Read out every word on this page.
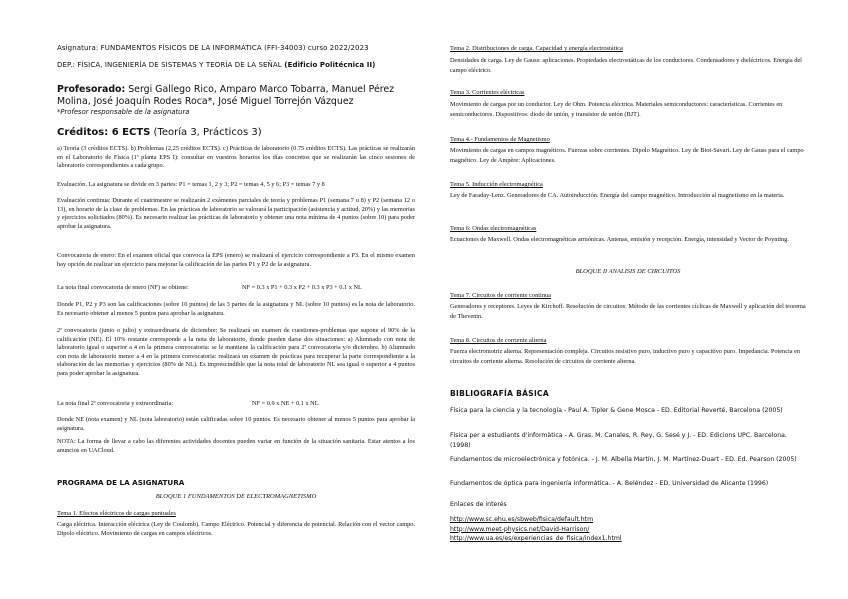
Asignatura: FUNDAMENTOS FÍSICOS DE LA INFORMÁTICA (FFI-34003) curso 2022/2023
DEP.: FÍSICA, INGENIERÍA DE SISTEMAS Y TEORÍA DE LA SEÑAL (Edificio Politécnica II)
Profesorado: Sergi Gallego Rico, Amparo Marco Tobarra, Manuel Pérez Molina, José Joaquín Rodes Roca*, José Miguel Torrejón Vázquez
*Profesor responsable de la asignatura
Créditos: 6 ECTS (Teoría 3, Prácticos 3)

a) Teoría (3 créditos ECTS). b) Problemas (2,25 créditos ECTS). c) Prácticas de laboratorio (0.75 créditos ECTS). Las prácticas se realizarán en el Laboratorio de Física (1ª planta EPS I): consultar en vuestros horarios los días concretos que se realizarán las cinco sesiones de laboratorio correspondientes a cada grupo.

Evaluación. La asignatura se divide en 3 partes: P1 = temas 1, 2 y 3; P2 = temas 4, 5 y 6; P3 = temas 7 y 8

Evaluación continua: Durante el cuatrimestre se realizarán 2 exámenes parciales de teoría y problemas P1 (semana 7 u 8) y P2 (semana 12 o 13), en horario de la clase de problemas. En las prácticas de laboratorio se valorará la participación (asistencia y actitud, 20%) y las memorias y ejercicios solicitados (80%). Es necesario realizar las prácticas de laboratorio y obtener una nota mínima de 4 puntos (sobre 10) para poder aprobar la asignatura.

Convocatoria de enero: En el examen oficial que convoca la EPS (enero) se realizará el ejercicio correspondiente a P3. En el mismo examen hay opción de realizar un ejercicio para mejorar la calificación de las partes P1 y P2 de la asignatura.

La nota final convocatoria de enero (NF) se obtiene:	NF = 0.3 x P1 + 0.3 x P2 + 0.3 x P3 + 0.1 x NL

Donde P1, P2 y P3 son las calificaciones (sobre 10 puntos) de las 3 partes de la asignatura y NL (sobre 10 puntos) es la nota de laboratorio. Es necesario obtener al menos 5 puntos para aprobar la asignatura.

2ª convocatoria (junio o julio) y extraordinaria de diciembre: Se realizará un examen de cuestiones-problemas que supone el 90% de la calificación (NE). El 10% restante corresponde a la nota de laboratorio, donde pueden darse dos situaciones: a) Alumnado con nota de laboratorio igual o superior a 4 en la primera convocatoria: se le mantiene la calificación para 2ª convocatoria y/o diciembre. b) Alumnado con nota de laboratorio menor a 4 en la primera convocatoria: realizará un examen de prácticas para recuperar la parte correspondiente a la elaboración de las memorias y ejercicios (80% de NL). Es imprescindible que la nota total de laboratorio NL sea igual o superior a 4 puntos para poder aprobar la asignatura.

La nota final 2ª convocatoria y extraordinaria:	NF = 0.9 x NE + 0.1 x NL

Donde NE (nota examen) y NL (nota laboratorio) están calificadas sobre 10 puntos. Es necesario obtener al menos 5 puntos para aprobar la asignatura.

NOTA: La forma de llevar a cabo las diferentes actividades docentes pueden variar en función de la situación sanitaria. Estar atentos a los anuncios en UACloud.

PROGRAMA DE LA ASIGNATURA
BLOQUE 1 FUNDAMENTOS DE ELECTROMAGNETISMO
Tema 1. Efectos eléctricos de cargas puntuales

Carga eléctrica. Interacción eléctrica (Ley de Coulomb). Campo Eléctrico. Potencial y diferencia de potencial. Relación con el vector campo. Dipolo eléctrico. Movimiento de cargas en campos eléctricos.

Tema 2. Distribuciones de carga. Capacidad y energía electrostática
Densidades de carga. Ley de Gauss: aplicaciones. Propiedades electrostáticas de los conductores. Condensadores y dieléctricos. Energía del campo eléctrico.
Tema 3. Corrientes eléctricas
Movimiento de cargas por un conductor. Ley de Ohm. Potencia eléctrica. Materiales semiconductores: características. Corrientes en semiconductores. Dispositivos: diodo de unión, y transistor de unión (BJT).
Tema 4.- Fundamentos de Magnetismo
Movimiento de cargas en campos magnéticos. Fuerzas sobre corrientes. Dipolo Magnético. Ley de Biot-Savart. Ley de Gauss para el campo magnético. Ley de Ampère: Aplicaciones.
Tema 5. Inducción electromagnética
Ley de Faraday-Lenz. Generadores de CA. Autoinducción. Energía del campo magnético. Introducción al magnetismo en la materia.
Tema 6: Ondas electromagnéticas
Ecuaciones de Maxwell. Ondas electromagnéticas armónicas. Antenas, emisión y recepción. Energía, intensidad y Vector de Poynting.
BLOQUE II ANALISIS DE CIRCUITOS
Tema 7. Circuitos de corriente continua
Generadores y receptores. Leyes de Kirchoff. Resolución de circuitos: Método de las corrientes cíclicas de Maxwell y aplicación del teorema de Thevenin.
Tema 8. Circuitos de corriente alterna
Fuerza electromotriz alterna. Representación compleja. Circuitos resistivo puro, inductivo puro y capacitivo puro. Impedancia. Potencia en circuitos de corriente alterna. Resolución de circuitos de corriente alterna.
BIBLIOGRAFÍA BÁSICA
Física para la ciencia y la tecnología - Paul A. Tipler & Gene Mosca - ED. Editorial Reverté, Barcelona (2005)
Física per a estudiants d'informàtica - A. Gras, M. Canales, R. Rey, G. Sesé y J. - ED. Edicions UPC. Barcelona. (1998)
Fundamentos de microelectrónica y fotónica. - J. M. Albella Martín, J. M. Martínez-Duart - ED. Ed. Pearson (2005)
Fundamentos de óptica para ingeniería informática. - A. Beléndez - ED. Universidad de Alicante (1996)
Enlaces de interés
http://www.sc.ehu.es/sbweb/fisica/default.htm
http://www.meet-physics.net/David-Harrison/
http://www.ua.es/es/experiencias_de_fisica/index1.html
